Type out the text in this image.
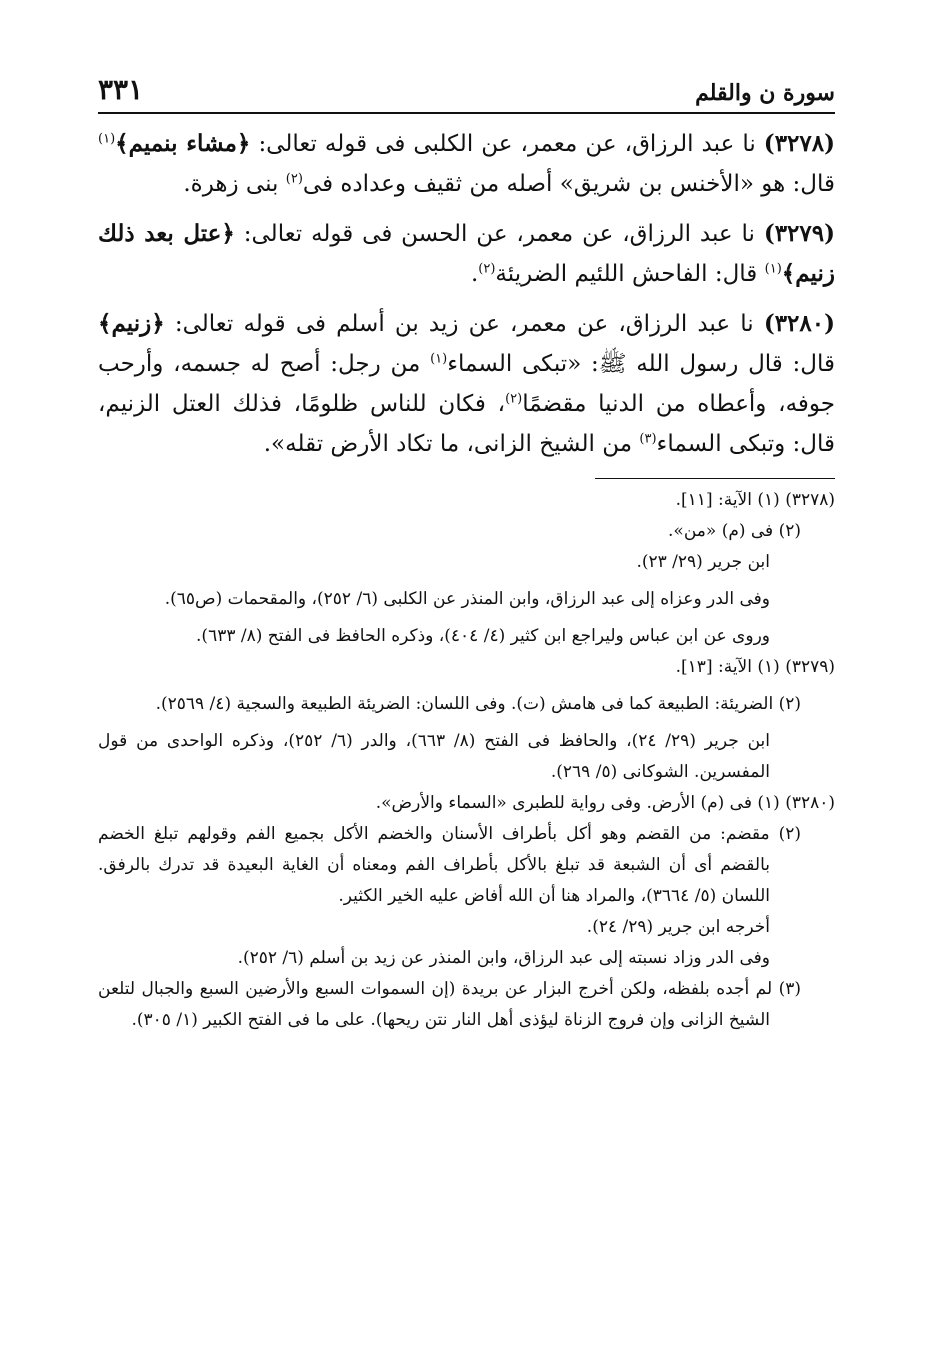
سورة ن والقلم
٣٣١

(٣٢٧٨) نا عبد الرزاق، عن معمر، عن الكلبى فى قوله تعالى: ﴿مشاء بنميم﴾$^{(١)}$ قال: هو «الأخنس بن شريق» أصله من ثقيف وعداده فى$^{(٢)}$ بنى زهرة.

(٣٢٧٩) نا عبد الرزاق، عن معمر، عن الحسن فى قوله تعالى: ﴿عتل بعد ذلك زنيم﴾$^{(١)}$ قال: الفاحش اللئيم الضريئة$^{(٢)}$.

(٣٢٨٠) نا عبد الرزاق، عن معمر، عن زيد بن أسلم فى قوله تعالى: ﴿زنيم﴾ قال: قال رسول الله ﷺ: «تبكى السماء$^{(١)}$ من رجل: أصح له جسمه، وأرحب جوفه، وأعطاه من الدنيا مقضمًا$^{(٢)}$، فكان للناس ظلومًا، فذلك العتل الزنيم، قال: وتبكى السماء$^{(٣)}$ من الشيخ الزانى، ما تكاد الأرض تقله».

(٣٢٧٨) (١) الآية: [١١].

(٢) فى (م) «من».

ابن جرير (٢٩/ ٢٣).

وفى الدر وعزاه إلى عبد الرزاق، وابن المنذر عن الكلبى (٦/ ٢٥٢)، والمقحمات (ص٦٥).

وروى عن ابن عباس وليراجع ابن كثير (٤/ ٤٠٤)، وذكره الحافظ فى الفتح (٨/ ٦٣٣).

(٣٢٧٩) (١) الآية: [١٣].

(٢) الضريئة: الطبيعة كما فى هامش (ت). وفى اللسان: الضريئة الطبيعة والسجية (٤/ ٢٥٦٩).

ابن جرير (٢٩/ ٢٤)، والحافظ فى الفتح (٨/ ٦٦٣)، والدر (٦/ ٢٥٢)، وذكره الواحدى من قول المفسرين. الشوكانى (٥/ ٢٦٩).

(٣٢٨٠) (١) فى (م) الأرض. وفى رواية للطبرى «السماء والأرض».

(٢) مقضم: من القضم وهو أكل بأطراف الأسنان والخضم الأكل بجميع الفم وقولهم تبلغ الخضم بالقضم أى أن الشبعة قد تبلغ بالأكل بأطراف الفم ومعناه أن الغاية البعيدة قد تدرك بالرفق. اللسان (٥/ ٣٦٦٤)، والمراد هنا أن الله أفاض عليه الخير الكثير.

أخرجه ابن جرير (٢٩/ ٢٤).

وفى الدر وزاد نسبته إلى عبد الرزاق، وابن المنذر عن زيد بن أسلم (٦/ ٢٥٢).

(٣) لم أجده بلفظه، ولكن أخرج البزار عن بريدة (إن السموات السبع والأرضين السبع والجبال لتلعن الشيخ الزانى وإن فروج الزناة ليؤذى أهل النار نتن ريحها). على ما فى الفتح الكبير (١/ ٣٠٥).
